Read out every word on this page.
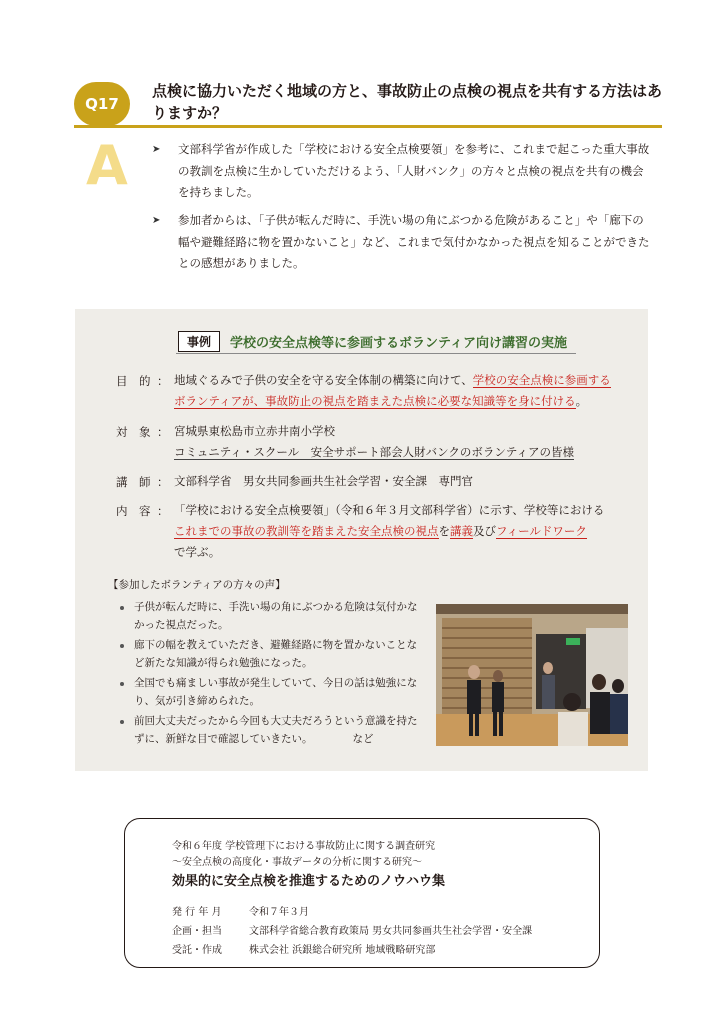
Q17
点検に協力いただく地域の方と、事故防止の点検の視点を共有する方法はありますか？
A ➤ 文部科学省が作成した「学校における安全点検要領」を参考に、これまで起こった重大事故の教訓を点検に生かしていただけるよう、「人財バンク」の方々と点検の視点を共有の機会を持ちました。
➤ 参加者からは、「子供が転んだ時に、手洗い場の角にぶつかる危険があること」や「廊下の幅や避難経路に物を置かないこと」など、これまで気付かなかった視点を知ることができたとの感想がありました。
事例	学校の安全点検等に参画するボランティア向け講習の実施
目　的 ： 地域ぐるみで子供の安全を守る安全体制の構築に向けて、学校の安全点検に参画する
ボランティアが、事故防止の視点を踏まえた点検に必要な知識等を身に付ける。
対　象 ： 宮城県東松島市立赤井南小学校
コミュニティ・スクール　安全サポート部会人財バンクのボランティアの皆様
講　師 ： 文部科学省　男女共同参画共生社会学習・安全課　専門官
内　容 ： 「学校における安全点検要領」（令和６年３月文部科学省）に示す、学校等における
これまでの事故の教訓等を踏まえた安全点検の視点を講義及びフィールドワーク
で学ぶ。
【参加したボランティアの方々の声】
子供が転んだ時に、手洗い場の角にぶつかる危険は気付かなかった視点だった。
廊下の幅を教えていただき、避難経路に物を置かないことなど新たな知識が得られ勉強になった。
全国でも痛ましい事故が発生していて、今日の話は勉強になり、気が引き締められた。
前回大丈夫だったから今回も大丈夫だろうという意識を持たずに、新鮮な目で確認していきたい。	など
令和６年度 学校管理下における事故防止に関する調査研究
〜安全点検の高度化・事故データの分析に関する研究〜
効果的に安全点検を推進するためのノウハウ集
発 行 年 月	令和７年３月
企画・担当	文部科学省総合教育政策局 男女共同参画共生社会学習・安全課
受託・作成	株式会社 浜銀総合研究所 地域戦略研究部
